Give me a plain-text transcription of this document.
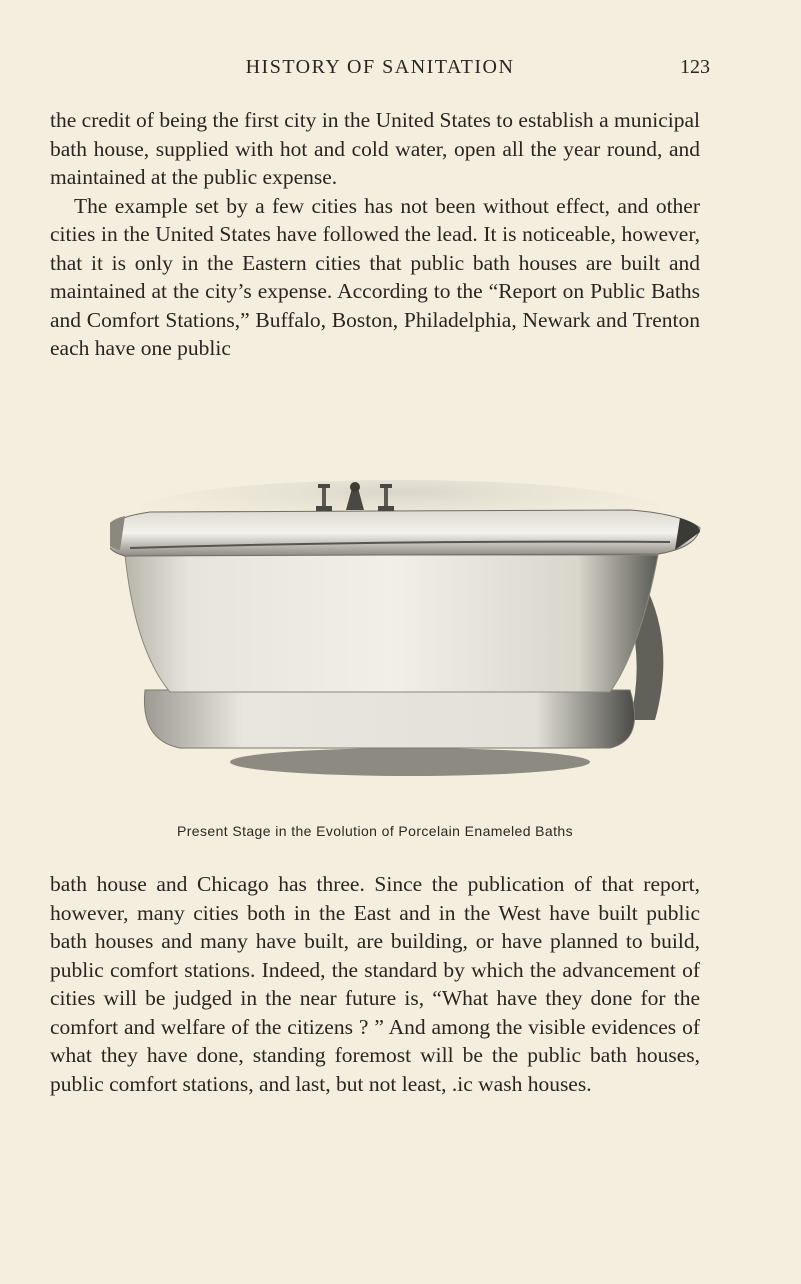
HISTORY OF SANITATION	123

the credit of being the first city in the United States to establish a municipal bath house, supplied with hot and cold water, open all the year round, and maintained at the public expense.

The example set by a few cities has not been without effect, and other cities in the United States have followed the lead. It is noticeable, however, that it is only in the Eastern cities that public bath houses are built and maintained at the city’s expense. According to the “Report on Public Baths and Comfort Stations,” Buffalo, Boston, Philadelphia, Newark and Trenton each have one public

Present Stage in the Evolution of Porcelain Enameled Baths

bath house and Chicago has three. Since the publication of that report, however, many cities both in the East and in the West have built public bath houses and many have built, are building, or have planned to build, public comfort stations. Indeed, the standard by which the advancement of cities will be judged in the near future is, “What have they done for the comfort and welfare of the citizens ? ” And among the visible evidences of what they have done, standing foremost will be the public bath houses, public comfort stations, and last, but not least, .ic wash houses.
